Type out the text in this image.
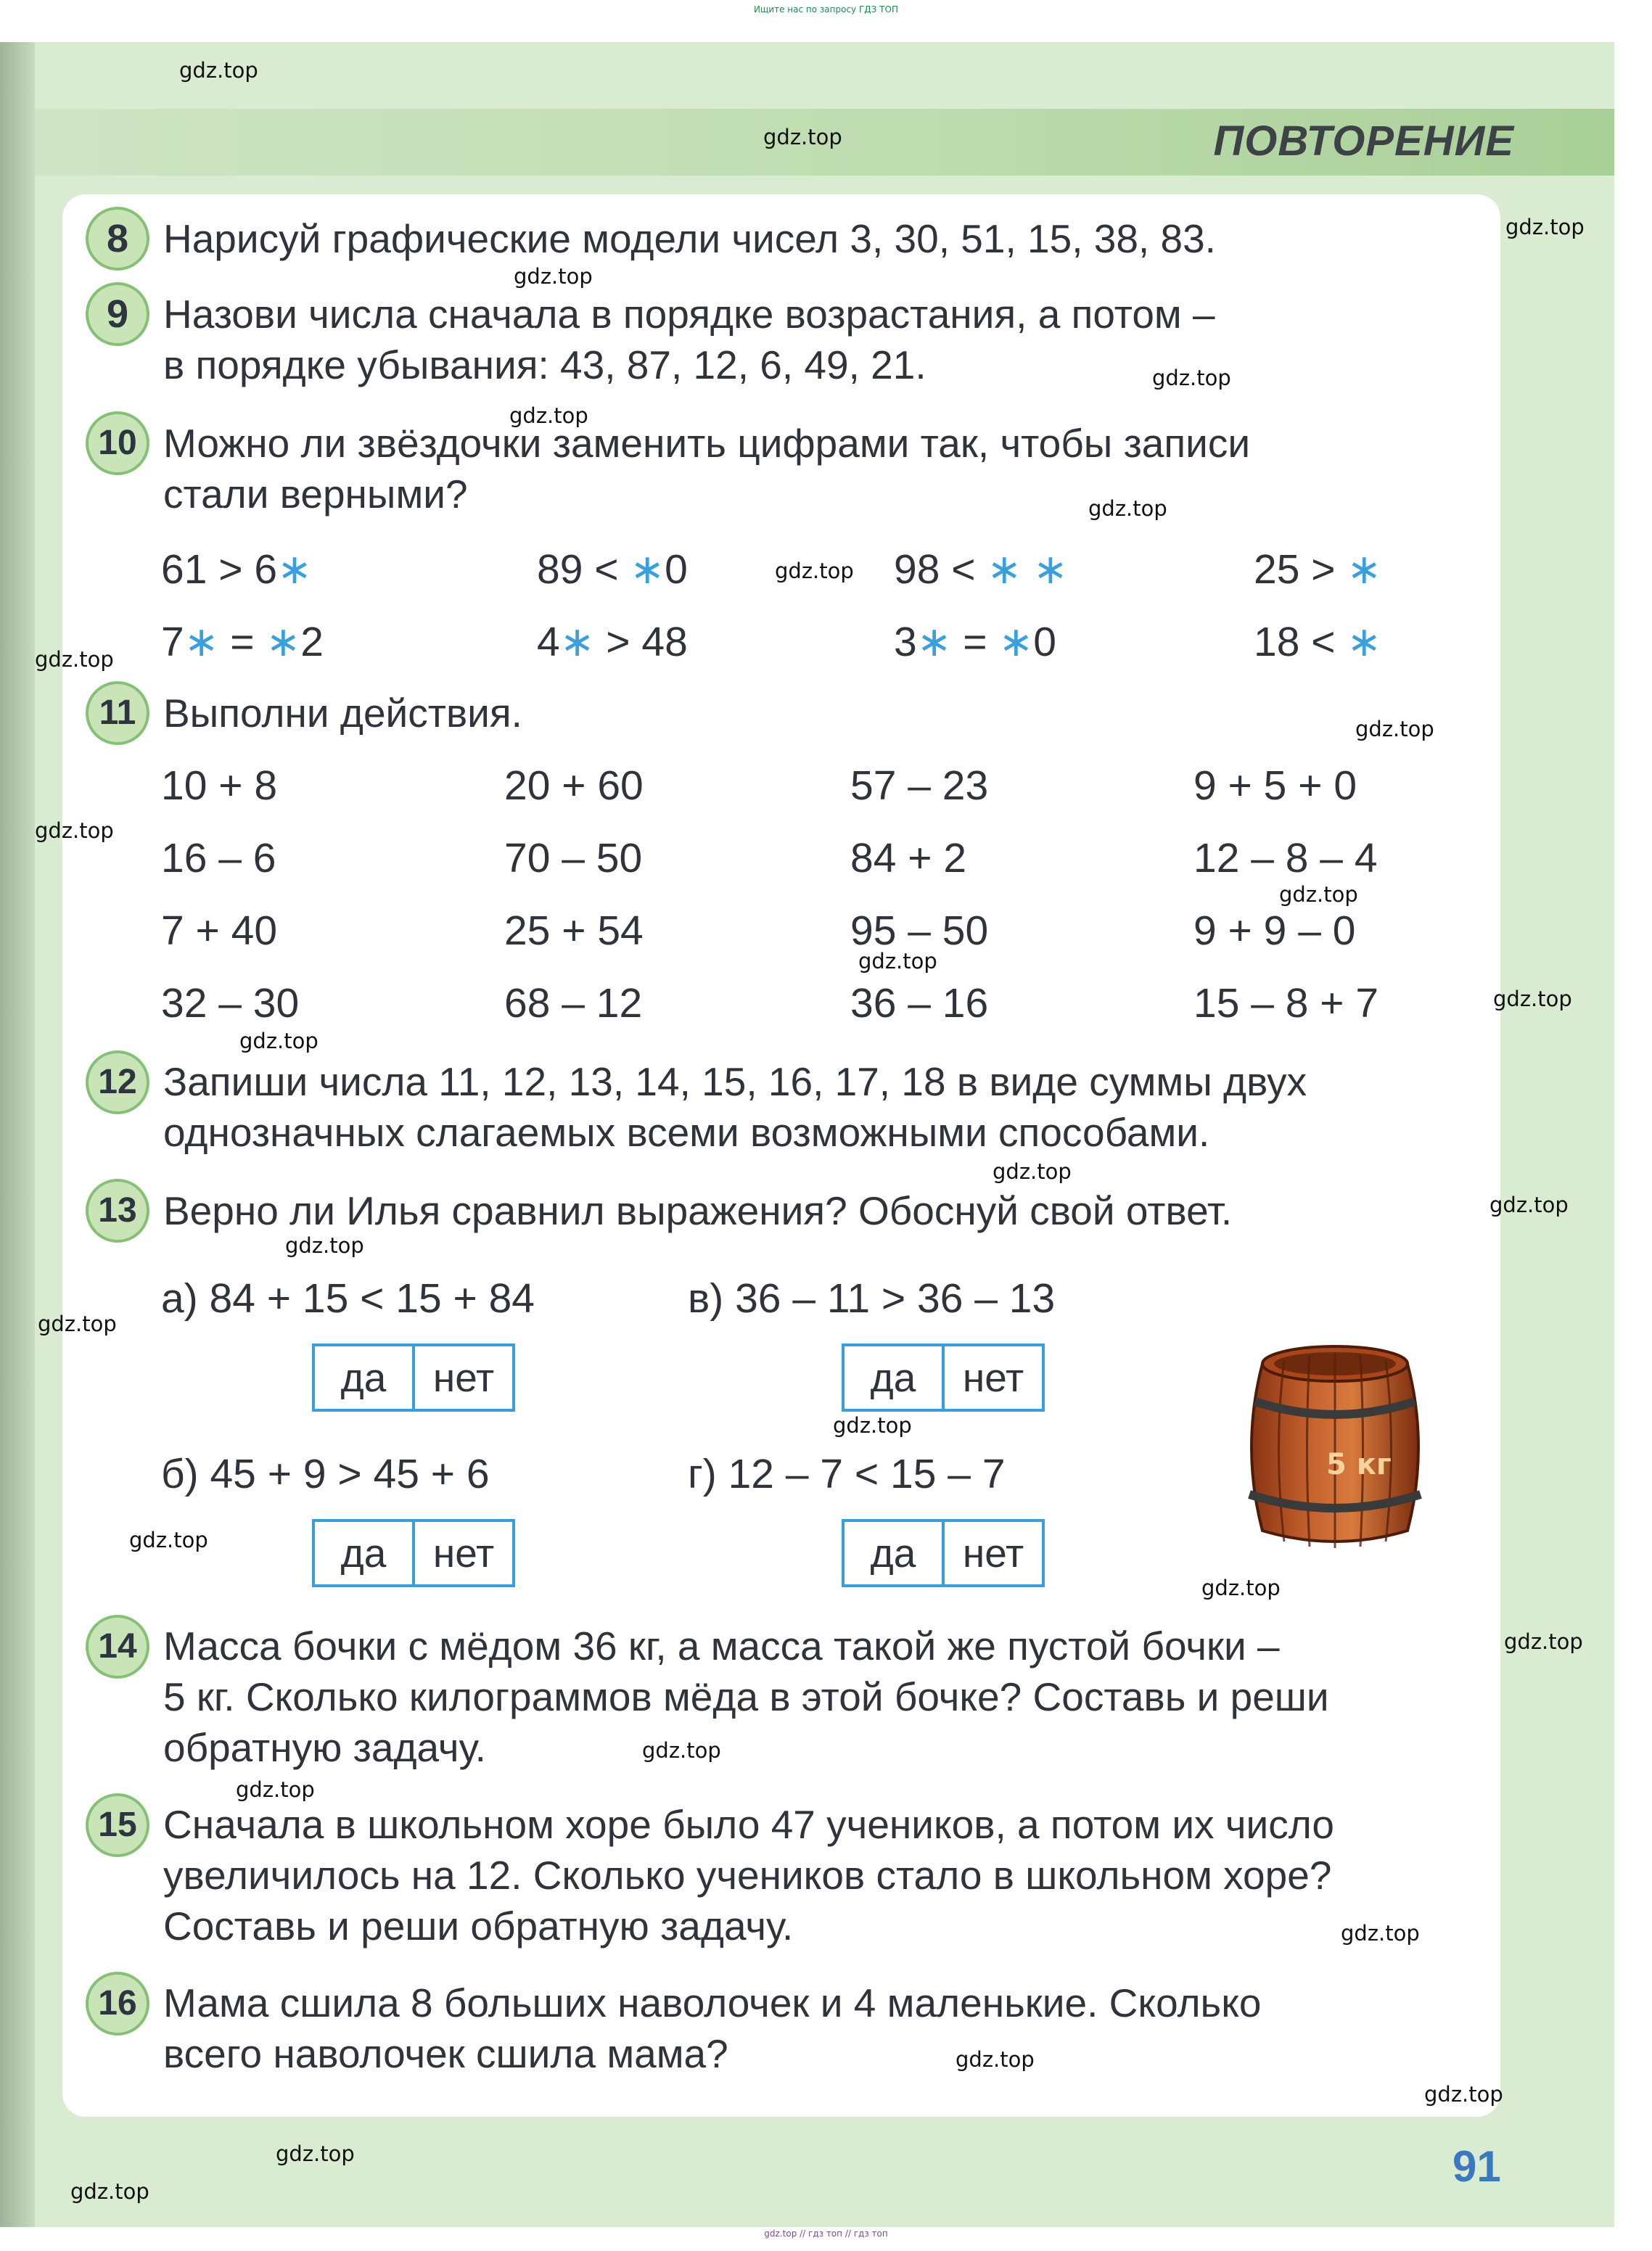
Ищите нас по запросу ГДЗ ТОП
ПОВТОРЕНИЕ
8 Нарисуй графические модели чисел 3, 30, 51, 15, 38, 83.
9 Назови числа сначала в порядке возрастания, а потом –
в порядке убывания: 43, 87, 12, 6, 49, 21.
10 Можно ли звёздочки заменить цифрами так, чтобы записи
стали верными?
61 > 6∗	89 < ∗0	98 < ∗ ∗	25 > ∗
7∗ = ∗2	4∗ > 48	3∗ = ∗0	18 < ∗
11 Выполни действия.
10 + 8	20 + 60	57 – 23	9 + 5 + 0
16 – 6	70 – 50	84 + 2	12 – 8 – 4
7 + 40	25 + 54	95 – 50	9 + 9 – 0
32 – 30	68 – 12	36 – 16	15 – 8 + 7
12 Запиши числа 11, 12, 13, 14, 15, 16, 17, 18 в виде суммы двух
однозначных слагаемых всеми возможными способами.
13 Верно ли Илья сравнил выражения? Обоснуй свой ответ.
а) 84 + 15 < 15 + 84	в) 36 – 11 > 36 – 13
да	нет	да	нет
б) 45 + 9 > 45 + 6	г) 12 – 7 < 15 – 7
да	нет	да	нет
5 кг
14 Масса бочки с мёдом 36 кг, а масса такой же пустой бочки –
5 кг. Сколько килограммов мёда в этой бочке? Составь и реши
обратную задачу.
15 Сначала в школьном хоре было 47 учеников, а потом их число
увеличилось на 12. Сколько учеников стало в школьном хоре?
Составь и реши обратную задачу.
16 Мама сшила 8 больших наволочек и 4 маленькие. Сколько
всего наволочек сшила мама?
91
gdz.top
gdz.top
gdz.top
gdz.top
gdz.top
gdz.top
gdz.top
gdz.top
gdz.top
gdz.top
gdz.top
gdz.top
gdz.top
gdz.top
gdz.top
gdz.top
gdz.top
gdz.top
gdz.top
gdz.top
gdz.top
gdz.top
gdz.top
gdz.top
gdz.top
gdz.top
gdz.top
gdz.top
gdz.top
gdz.top
gdz.top // гдз топ // гдз топ
